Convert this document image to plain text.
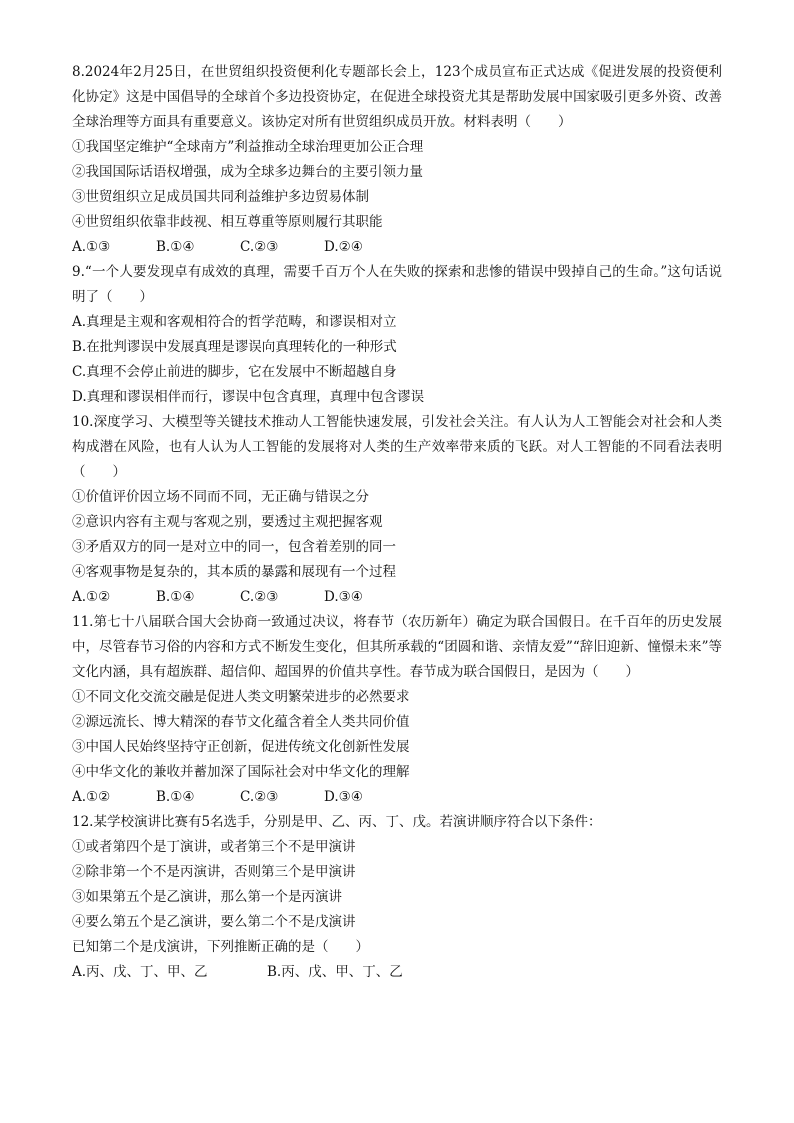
8.2024年2月25日，在世贸组织投资便利化专题部长会上，123个成员宣布正式达成《促进发展的投资便利化协定》这是中国倡导的全球首个多边投资协定，在促进全球投资尤其是帮助发展中国家吸引更多外资、改善全球治理等方面具有重要意义。该协定对所有世贸组织成员开放。材料表明（　　）
①我国坚定维护“全球南方”利益推动全球治理更加公正合理
②我国国际话语权增强，成为全球多边舞台的主要引领力量
③世贸组织立足成员国共同利益维护多边贸易体制
④世贸组织依靠非歧视、相互尊重等原则履行其职能
A.①③	B.①④	C.②③	D.②④
9.“一个人要发现卓有成效的真理，需要千百万个人在失败的探索和悲惨的错误中毁掉自己的生命。”这句话说明了（　　）
A.真理是主观和客观相符合的哲学范畴，和谬误相对立
B.在批判谬误中发展真理是谬误向真理转化的一种形式
C.真理不会停止前进的脚步，它在发展中不断超越自身
D.真理和谬误相伴而行，谬误中包含真理，真理中包含谬误
10.深度学习、大模型等关键技术推动人工智能快速发展，引发社会关注。有人认为人工智能会对社会和人类构成潜在风险，也有人认为人工智能的发展将对人类的生产效率带来质的飞跃。对人工智能的不同看法表明（　　）
①价值评价因立场不同而不同，无正确与错误之分
②意识内容有主观与客观之别，要透过主观把握客观
③矛盾双方的同一是对立中的同一，包含着差别的同一
④客观事物是复杂的，其本质的暴露和展现有一个过程
A.①②	B.①④	C.②③	D.③④
11.第七十八届联合国大会协商一致通过决议，将春节（农历新年）确定为联合国假日。在千百年的历史发展中，尽管春节习俗的内容和方式不断发生变化，但其所承载的“团圆和谐、亲情友爱”“辞旧迎新、憧憬未来”等文化内涵，具有超族群、超信仰、超国界的价值共享性。春节成为联合国假日，是因为（　　）
①不同文化交流交融是促进人类文明繁荣进步的必然要求
②源远流长、博大精深的春节文化蕴含着全人类共同价值
③中国人民始终坚持守正创新，促进传统文化创新性发展
④中华文化的兼收并蓄加深了国际社会对中华文化的理解
A.①②	B.①④	C.②③	D.③④
12.某学校演讲比赛有5名选手，分别是甲、乙、丙、丁、戊。若演讲顺序符合以下条件：
①或者第四个是丁演讲，或者第三个不是甲演讲
②除非第一个不是丙演讲，否则第三个是甲演讲
③如果第五个是乙演讲，那么第一个是丙演讲
④要么第五个是乙演讲，要么第二个不是戊演讲
已知第二个是戊演讲，下列推断正确的是（　　）
A.丙、戊、丁、甲、乙	B.丙、戊、甲、丁、乙
